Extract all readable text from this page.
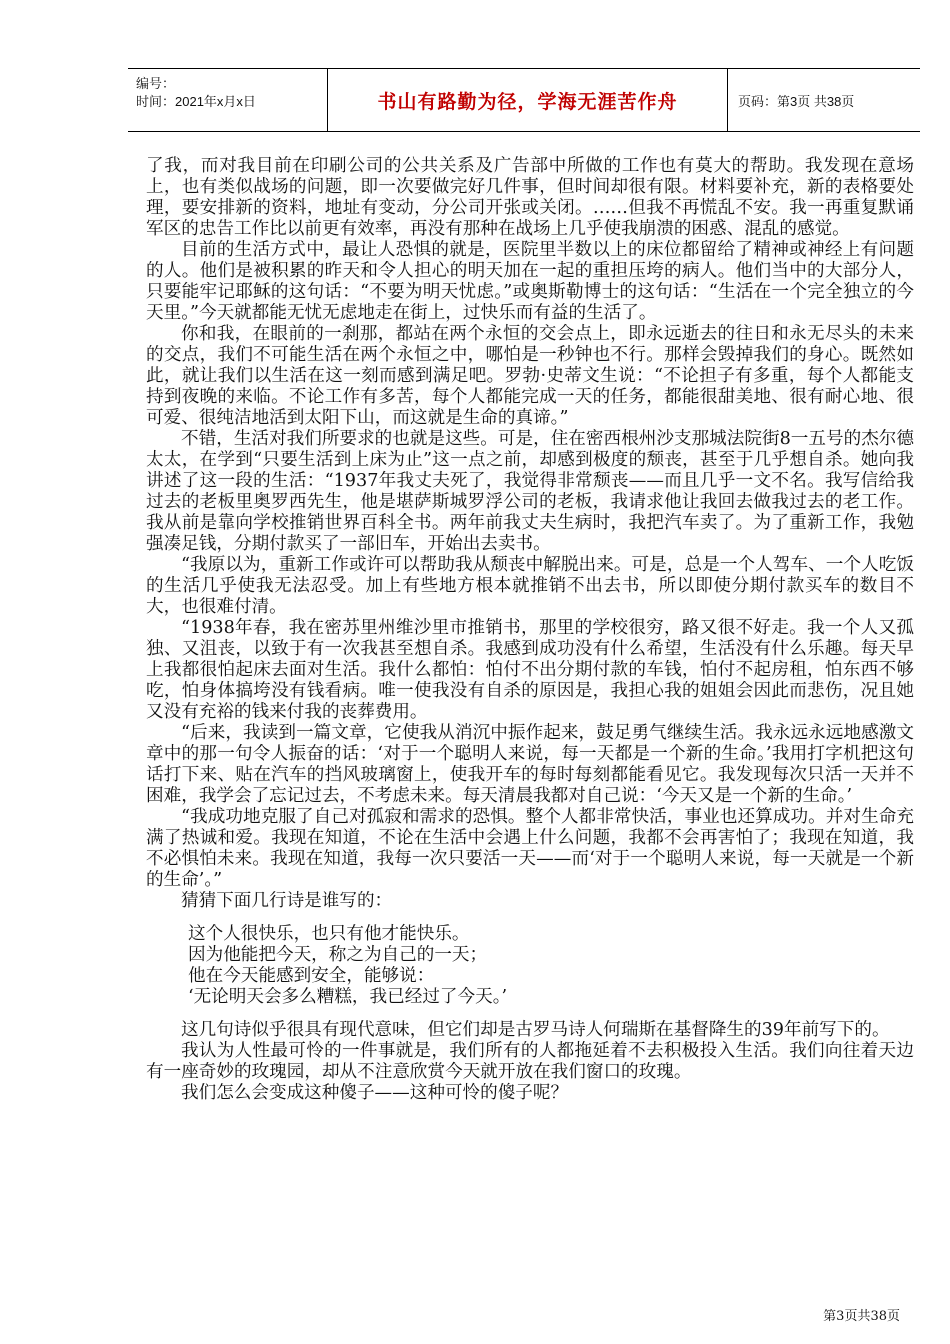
编号：
时间：2021年x月x日	书山有路勤为径，学海无涯苦作舟	页码：第3页 共38页

了我，而对我目前在印刷公司的公共关系及广告部中所做的工作也有莫大的帮助。我发现在意场上，也有类似战场的问题，即一次要做完好几件事，但时间却很有限。材料要补充，新的表格要处理，要安排新的资料，地址有变动，分公司开张或关闭。……但我不再慌乱不安。我一再重复默诵军区的忠告工作比以前更有效率，再没有那种在战场上几乎使我崩溃的困惑、混乱的感觉。

目前的生活方式中，最让人恐惧的就是，医院里半数以上的床位都留给了精神或神经上有问题的人。他们是被积累的昨天和令人担心的明天加在一起的重担压垮的病人。他们当中的大部分人，只要能牢记耶稣的这句话：“不要为明天忧虑。”或奥斯勒博士的这句话：“生活在一个完全独立的今天里。”今天就都能无忧无虑地走在街上，过快乐而有益的生活了。

你和我，在眼前的一刹那，都站在两个永恒的交会点上，即永远逝去的往日和永无尽头的未来的交点，我们不可能生活在两个永恒之中，哪怕是一秒钟也不行。那样会毁掉我们的身心。既然如此，就让我们以生活在这一刻而感到满足吧。罗勃·史蒂文生说：“不论担子有多重，每个人都能支持到夜晚的来临。不论工作有多苦，每个人都能完成一天的任务，都能很甜美地、很有耐心地、很可爱、很纯洁地活到太阳下山，而这就是生命的真谛。”

不错，生活对我们所要求的也就是这些。可是，住在密西根州沙支那城法院街8一五号的杰尔德太太，在学到“只要生活到上床为止”这一点之前，却感到极度的颓丧，甚至于几乎想自杀。她向我讲述了这一段的生活：“1937年我丈夫死了，我觉得非常颓丧——而且几乎一文不名。我写信给我过去的老板里奥罗西先生，他是堪萨斯城罗浮公司的老板，我请求他让我回去做我过去的老工作。我从前是靠向学校推销世界百科全书。两年前我丈夫生病时，我把汽车卖了。为了重新工作，我勉强凑足钱，分期付款买了一部旧车，开始出去卖书。

“我原以为，重新工作或许可以帮助我从颓丧中解脱出来。可是，总是一个人驾车、一个人吃饭的生活几乎使我无法忍受。加上有些地方根本就推销不出去书，所以即使分期付款买车的数目不大，也很难付清。

“1938年春，我在密苏里州维沙里市推销书，那里的学校很穷，路又很不好走。我一个人又孤独、又沮丧，以致于有一次我甚至想自杀。我感到成功没有什么希望，生活没有什么乐趣。每天早上我都很怕起床去面对生活。我什么都怕：怕付不出分期付款的车钱，怕付不起房租，怕东西不够吃，怕身体搞垮没有钱看病。唯一使我没有自杀的原因是，我担心我的姐姐会因此而悲伤，况且她又没有充裕的钱来付我的丧葬费用。

“后来，我读到一篇文章，它使我从消沉中振作起来，鼓足勇气继续生活。我永远永远地感激文章中的那一句令人振奋的话：‘对于一个聪明人来说，每一天都是一个新的生命。’我用打字机把这句话打下来、贴在汽车的挡风玻璃窗上，使我开车的每时每刻都能看见它。我发现每次只活一天并不困难，我学会了忘记过去，不考虑未来。每天清晨我都对自己说：‘今天又是一个新的生命。’

“我成功地克服了自己对孤寂和需求的恐惧。整个人都非常快活，事业也还算成功。并对生命充满了热诚和爱。我现在知道，不论在生活中会遇上什么问题，我都不会再害怕了；我现在知道，我不必惧怕未来。我现在知道，我每一次只要活一天——而‘对于一个聪明人来说，每一天就是一个新的生命’。”

猜猜下面几行诗是谁写的：

这个人很快乐，也只有他才能快乐。
因为他能把今天，称之为自己的一天；
他在今天能感到安全，能够说：
‘无论明天会多么糟糕，我已经过了今天。’

这几句诗似乎很具有现代意味，但它们却是古罗马诗人何瑞斯在基督降生的39年前写下的。

我认为人性最可怜的一件事就是，我们所有的人都拖延着不去积极投入生活。我们向往着天边有一座奇妙的玫瑰园，却从不注意欣赏今天就开放在我们窗口的玫瑰。

我们怎么会变成这种傻子——这种可怜的傻子呢？

第3页共38页
